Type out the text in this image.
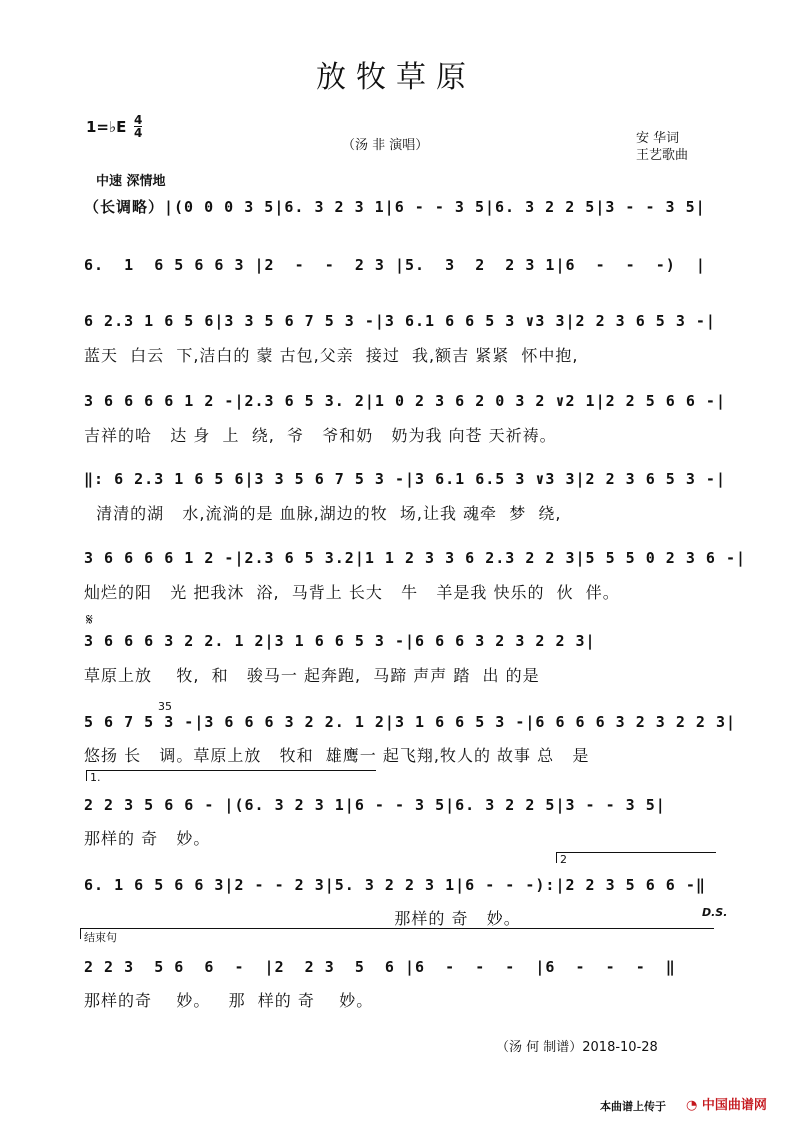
放牧草原
1=♭E 4
4
（汤 非 演唱）	安 华词
王艺歌曲
中速 深情地
（长调略）|(0 0 0 3 5|6. 3 2 3 1|6 - - 3 5|6. 3 2 2 5|3 - - 3 5|
6.  1  6 5 6 6 3 |2  -  -  2 3 |5.  3  2  2 3 1|6  -  -  -)  |
6 2.3 1 6 5 6|3 3 5 6 7 5 3 -|3 6.1 6 6 5 3 ∨3 3|2 2 3 6 5 3 -|
蓝天  白云  下,洁白的 蒙 古包,父亲  接过  我,额吉 紧紧  怀中抱,
3 6 6 6 6 1 2 -|2.3 6 5 3. 2|1 0 2 3 6 2 0 3 2 ∨2 1|2 2 5 6 6 -|
吉祥的哈   达 身  上  绕,  爷   爷和奶   奶为我 向苍 天祈祷。
‖: 6 2.3 1 6 5 6|3 3 5 6 7 5 3 -|3 6.1 6.5 3 ∨3 3|2 2 3 6 5 3 -|
清清的湖   水,流淌的是 血脉,湖边的牧  场,让我 魂牵  梦  绕,
3 6 6 6 6 1 2 -|2.3 6 5 3.2|1 1 2 3 3 6 2.3 2 2 3|5 5 5 0 2 3 6 -|
灿烂的阳   光 把我沐  浴,  马背上 长大   牛   羊是我 快乐的  伙  伴。
𝄋
3 6 6 6 3 2 2. 1 2|3 1 6 6 5 3 -|6 6 6 3 2 3 2 2 3|
草原上放    牧,  和   骏马一 起奔跑,  马蹄 声声 踏  出 的是
35
5 6 7 5 3 -|3 6 6 6 3 2 2. 1 2|3 1 6 6 5 3 -|6 6 6 6 3 2 3 2 2 3|
悠扬 长   调。草原上放   牧和  雄鹰一 起飞翔,牧人的 故事 总   是
1.
2 2 3 5 6 6 - |(6. 3 2 3 1|6 - - 3 5|6. 3 2 2 5|3 - - 3 5|
那样的 奇   妙。
2
6. 1 6 5 6 6 3|2 - - 2 3|5. 3 2 2 3 1|6 - - -):|2 2 3 5 6 6 -‖
那样的 奇   妙。	D.S.
结束句
2 2 3  5 6  6  -  |2  2 3  5  6 |6  -  -  -  |6  -  -  -  ‖
那样的奇    妙。   那  样的 奇    妙。
（汤 何 制谱）2018-10-28
本曲谱上传于 ◔ 中国曲谱网
